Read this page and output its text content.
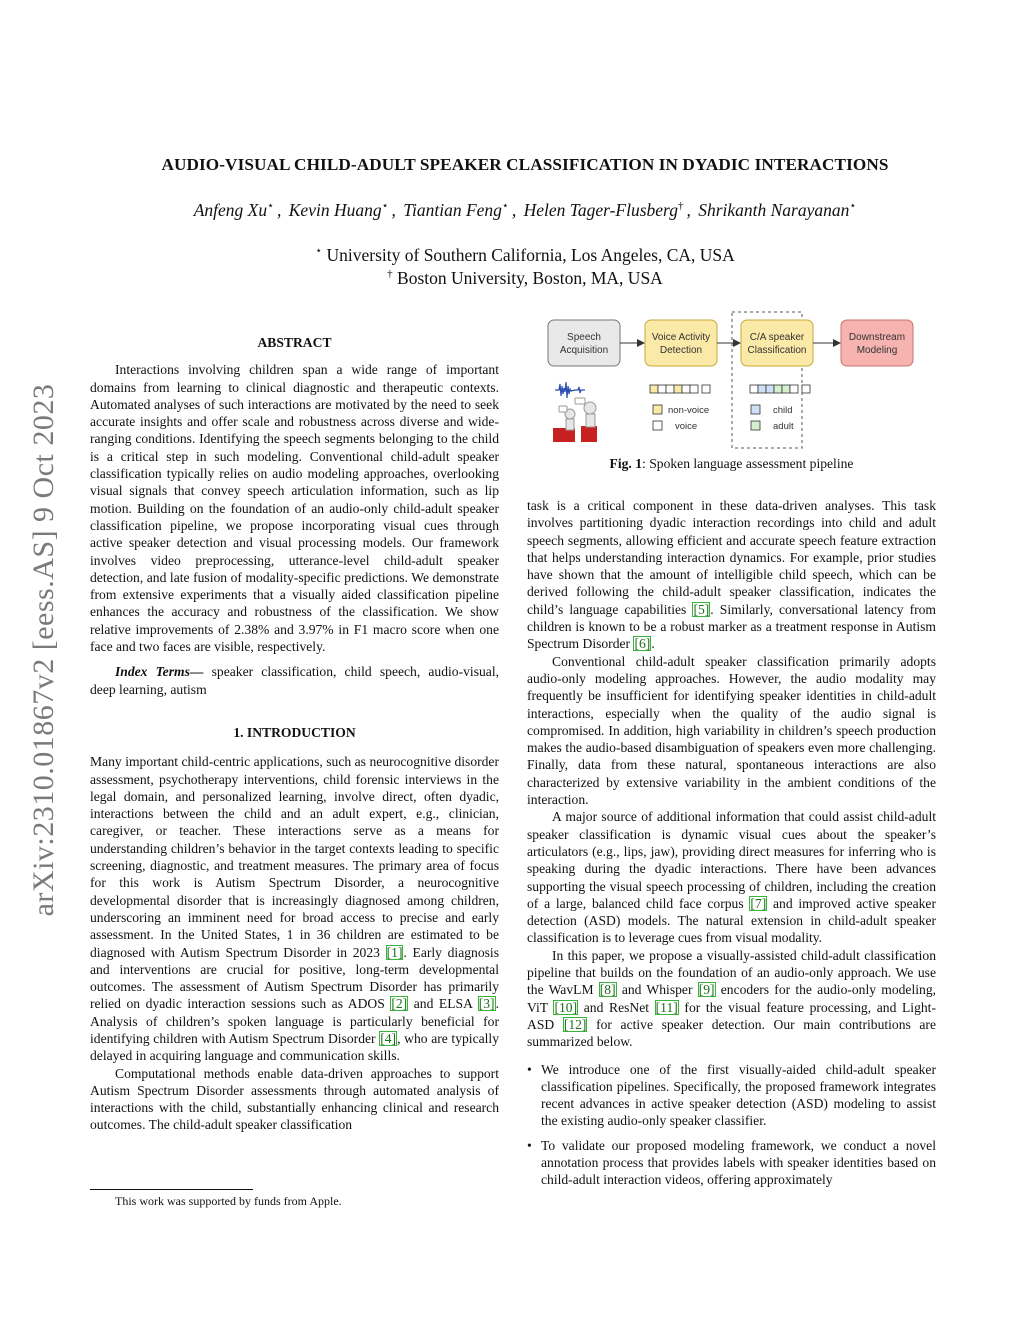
arXiv:2310.01867v2 [eess.AS] 9 Oct 2023
AUDIO-VISUAL CHILD-ADULT SPEAKER CLASSIFICATION IN DYADIC INTERACTIONS
Anfeng Xu⋆ , Kevin Huang⋆ , Tiantian Feng⋆ , Helen Tager-Flusberg† , Shrikanth Narayanan⋆
⋆ University of Southern California, Los Angeles, CA, USA
† Boston University, Boston, MA, USA
ABSTRACT

Interactions involving children span a wide range of important domains from learning to clinical diagnostic and therapeutic contexts. Automated analyses of such interactions are motivated by the need to seek accurate insights and offer scale and robustness across diverse and wide-ranging conditions. Identifying the speech segments belonging to the child is a critical step in such modeling. Conventional child-adult speaker classification typically relies on audio modeling approaches, overlooking visual signals that convey speech articulation information, such as lip motion. Building on the foundation of an audio-only child-adult speaker classification pipeline, we propose incorporating visual cues through active speaker detection and visual processing models. Our framework involves video preprocessing, utterance-level child-adult speaker detection, and late fusion of modality-specific predictions. We demonstrate from extensive experiments that a visually aided classification pipeline enhances the accuracy and robustness of the classification. We show relative improvements of 2.38% and 3.97% in F1 macro score when one face and two faces are visible, respectively.

Index Terms— speaker classification, child speech, audio-visual, deep learning, autism

1. INTRODUCTION

Many important child-centric applications, such as neurocognitive disorder assessment, psychotherapy interventions, child forensic interviews in the legal domain, and personalized learning, involve direct, often dyadic, interactions between the child and an adult expert, e.g., clinician, caregiver, or teacher. These interactions serve as a means for understanding children’s behavior in the target contexts leading to specific screening, diagnostic, and treatment measures. The primary area of focus for this work is Autism Spectrum Disorder, a neurocognitive developmental disorder that is increasingly diagnosed among children, underscoring an imminent need for broad access to precise and early assessment. In the United States, 1 in 36 children are estimated to be diagnosed with Autism Spectrum Disorder in 2023 [1]. Early diagnosis and interventions are crucial for positive, long-term developmental outcomes. The assessment of Autism Spectrum Disorder has primarily relied on dyadic interaction sessions such as ADOS [2] and ELSA [3]. Analysis of children’s spoken language is particularly beneficial for identifying children with Autism Spectrum Disorder [4], who are typically delayed in acquiring language and communication skills.

Computational methods enable data-driven approaches to support Autism Spectrum Disorder assessments through automated analysis of interactions with the child, substantially enhancing clinical and research outcomes. The child-adult speaker classification

This work was supported by funds from Apple.
Speech
Acquisition
Voice Activity
Detection
C/A speaker
Classification
Downstream
Modeling
non-voice
voice
child
adult
Fig. 1: Spoken language assessment pipeline

task is a critical component in these data-driven analyses. This task involves partitioning dyadic interaction recordings into child and adult speech segments, allowing efficient and accurate speech feature extraction that helps understanding interaction dynamics. For example, prior studies have shown that the amount of intelligible child speech, which can be derived following the child-adult speaker classification, indicates the child’s language capabilities [5]. Similarly, conversational latency from children is known to be a robust marker as a treatment response in Autism Spectrum Disorder [6].

Conventional child-adult speaker classification primarily adopts audio-only modeling approaches. However, the audio modality may frequently be insufficient for identifying speaker identities in child-adult interactions, especially when the quality of the audio signal is compromised. In addition, high variability in children’s speech production makes the audio-based disambiguation of speakers even more challenging. Finally, data from these natural, spontaneous interactions are also characterized by extensive variability in the ambient conditions of the interaction.

A major source of additional information that could assist child-adult speaker classification is dynamic visual cues about the speaker’s articulators (e.g., lips, jaw), providing direct measures for inferring who is speaking during the dyadic interactions. There have been advances supporting the visual speech processing of children, including the creation of a large, balanced child face corpus [7] and improved active speaker detection (ASD) models. The natural extension in child-adult speaker classification is to leverage cues from visual modality.

In this paper, we propose a visually-assisted child-adult classification pipeline that builds on the foundation of an audio-only approach. We use the WavLM [8] and Whisper [9] encoders for the audio-only modeling, ViT [10] and ResNet [11] for the visual feature processing, and Light-ASD [12] for active speaker detection. Our main contributions are summarized below.

• We introduce one of the first visually-aided child-adult speaker classification pipelines. Specifically, the proposed framework integrates recent advances in active speaker detection (ASD) modeling to assist the existing audio-only speaker classifier.
• To validate our proposed modeling framework, we conduct a novel annotation process that provides labels with speaker identities based on child-adult interaction videos, offering approximately
